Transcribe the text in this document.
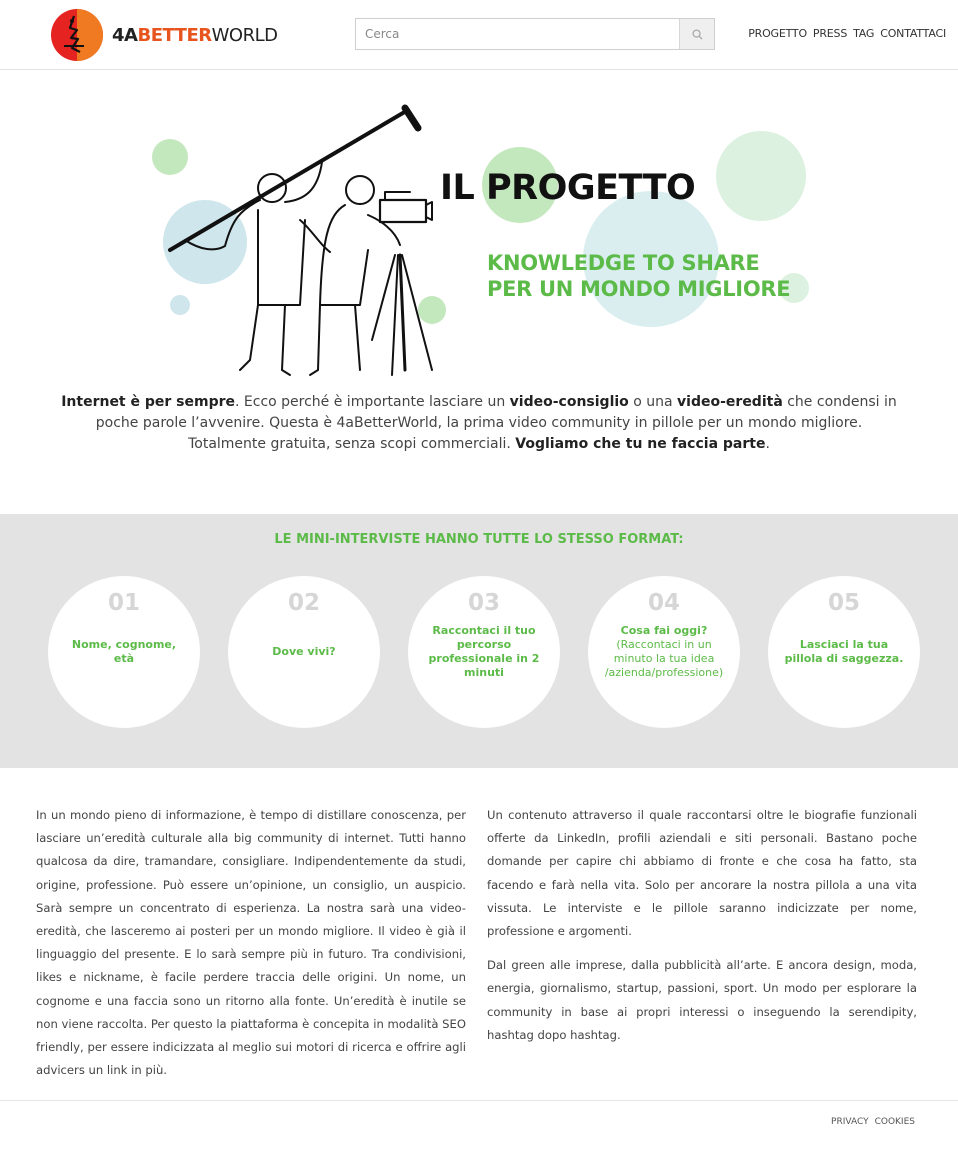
4ABETTERWORLD
Cerca	PROGETTO PRESS TAG CONTATTACI
IL PROGETTO
KNOWLEDGE TO SHARE
PER UN MONDO MIGLIORE
Internet è per sempre. Ecco perché è importante lasciare un video-consiglio o una video-eredità che condensi in poche parole l’avvenire. Questa è 4aBetterWorld, la prima video community in pillole per un mondo migliore. Totalmente gratuita, senza scopi commerciali. Vogliamo che tu ne faccia parte.
LE MINI-INTERVISTE HANNO TUTTE LO STESSO FORMAT:
01
Nome, cognome, età
02
Dove vivi?
03
Raccontaci il tuo percorso professionale in 2 minuti
04
Cosa fai oggi?
(Raccontaci in un minuto la tua idea /azienda/professione)
05
Lasciaci la tua pillola di saggezza.

In un mondo pieno di informazione, è tempo di distillare conoscenza, per lasciare un’eredità culturale alla big community di internet. Tutti hanno qualcosa da dire, tramandare, consigliare. Indipendentemente da studi, origine, professione. Può essere un’opinione, un consiglio, un auspicio. Sarà sempre un concentrato di esperienza. La nostra sarà una video-eredità, che lasceremo ai posteri per un mondo migliore. Il video è già il linguaggio del presente. E lo sarà sempre più in futuro. Tra condivisioni, likes e nickname, è facile perdere traccia delle origini. Un nome, un cognome e una faccia sono un ritorno alla fonte. Un’eredità è inutile se non viene raccolta. Per questo la piattaforma è concepita in modalità SEO friendly, per essere indicizzata al meglio sui motori di ricerca e offrire agli advicers un link in più.

Un contenuto attraverso il quale raccontarsi oltre le biografie funzionali offerte da LinkedIn, profili aziendali e siti personali. Bastano poche domande per capire chi abbiamo di fronte e che cosa ha fatto, sta facendo e farà nella vita. Solo per ancorare la nostra pillola a una vita vissuta. Le interviste e le pillole saranno indicizzate per nome, professione e argomenti.

Dal green alle imprese, dalla pubblicità all’arte. E ancora design, moda, energia, giornalismo, startup, passioni, sport. Un modo per esplorare la community in base ai propri interessi o inseguendo la serendipity, hashtag dopo hashtag.

PRIVACY COOKIES
